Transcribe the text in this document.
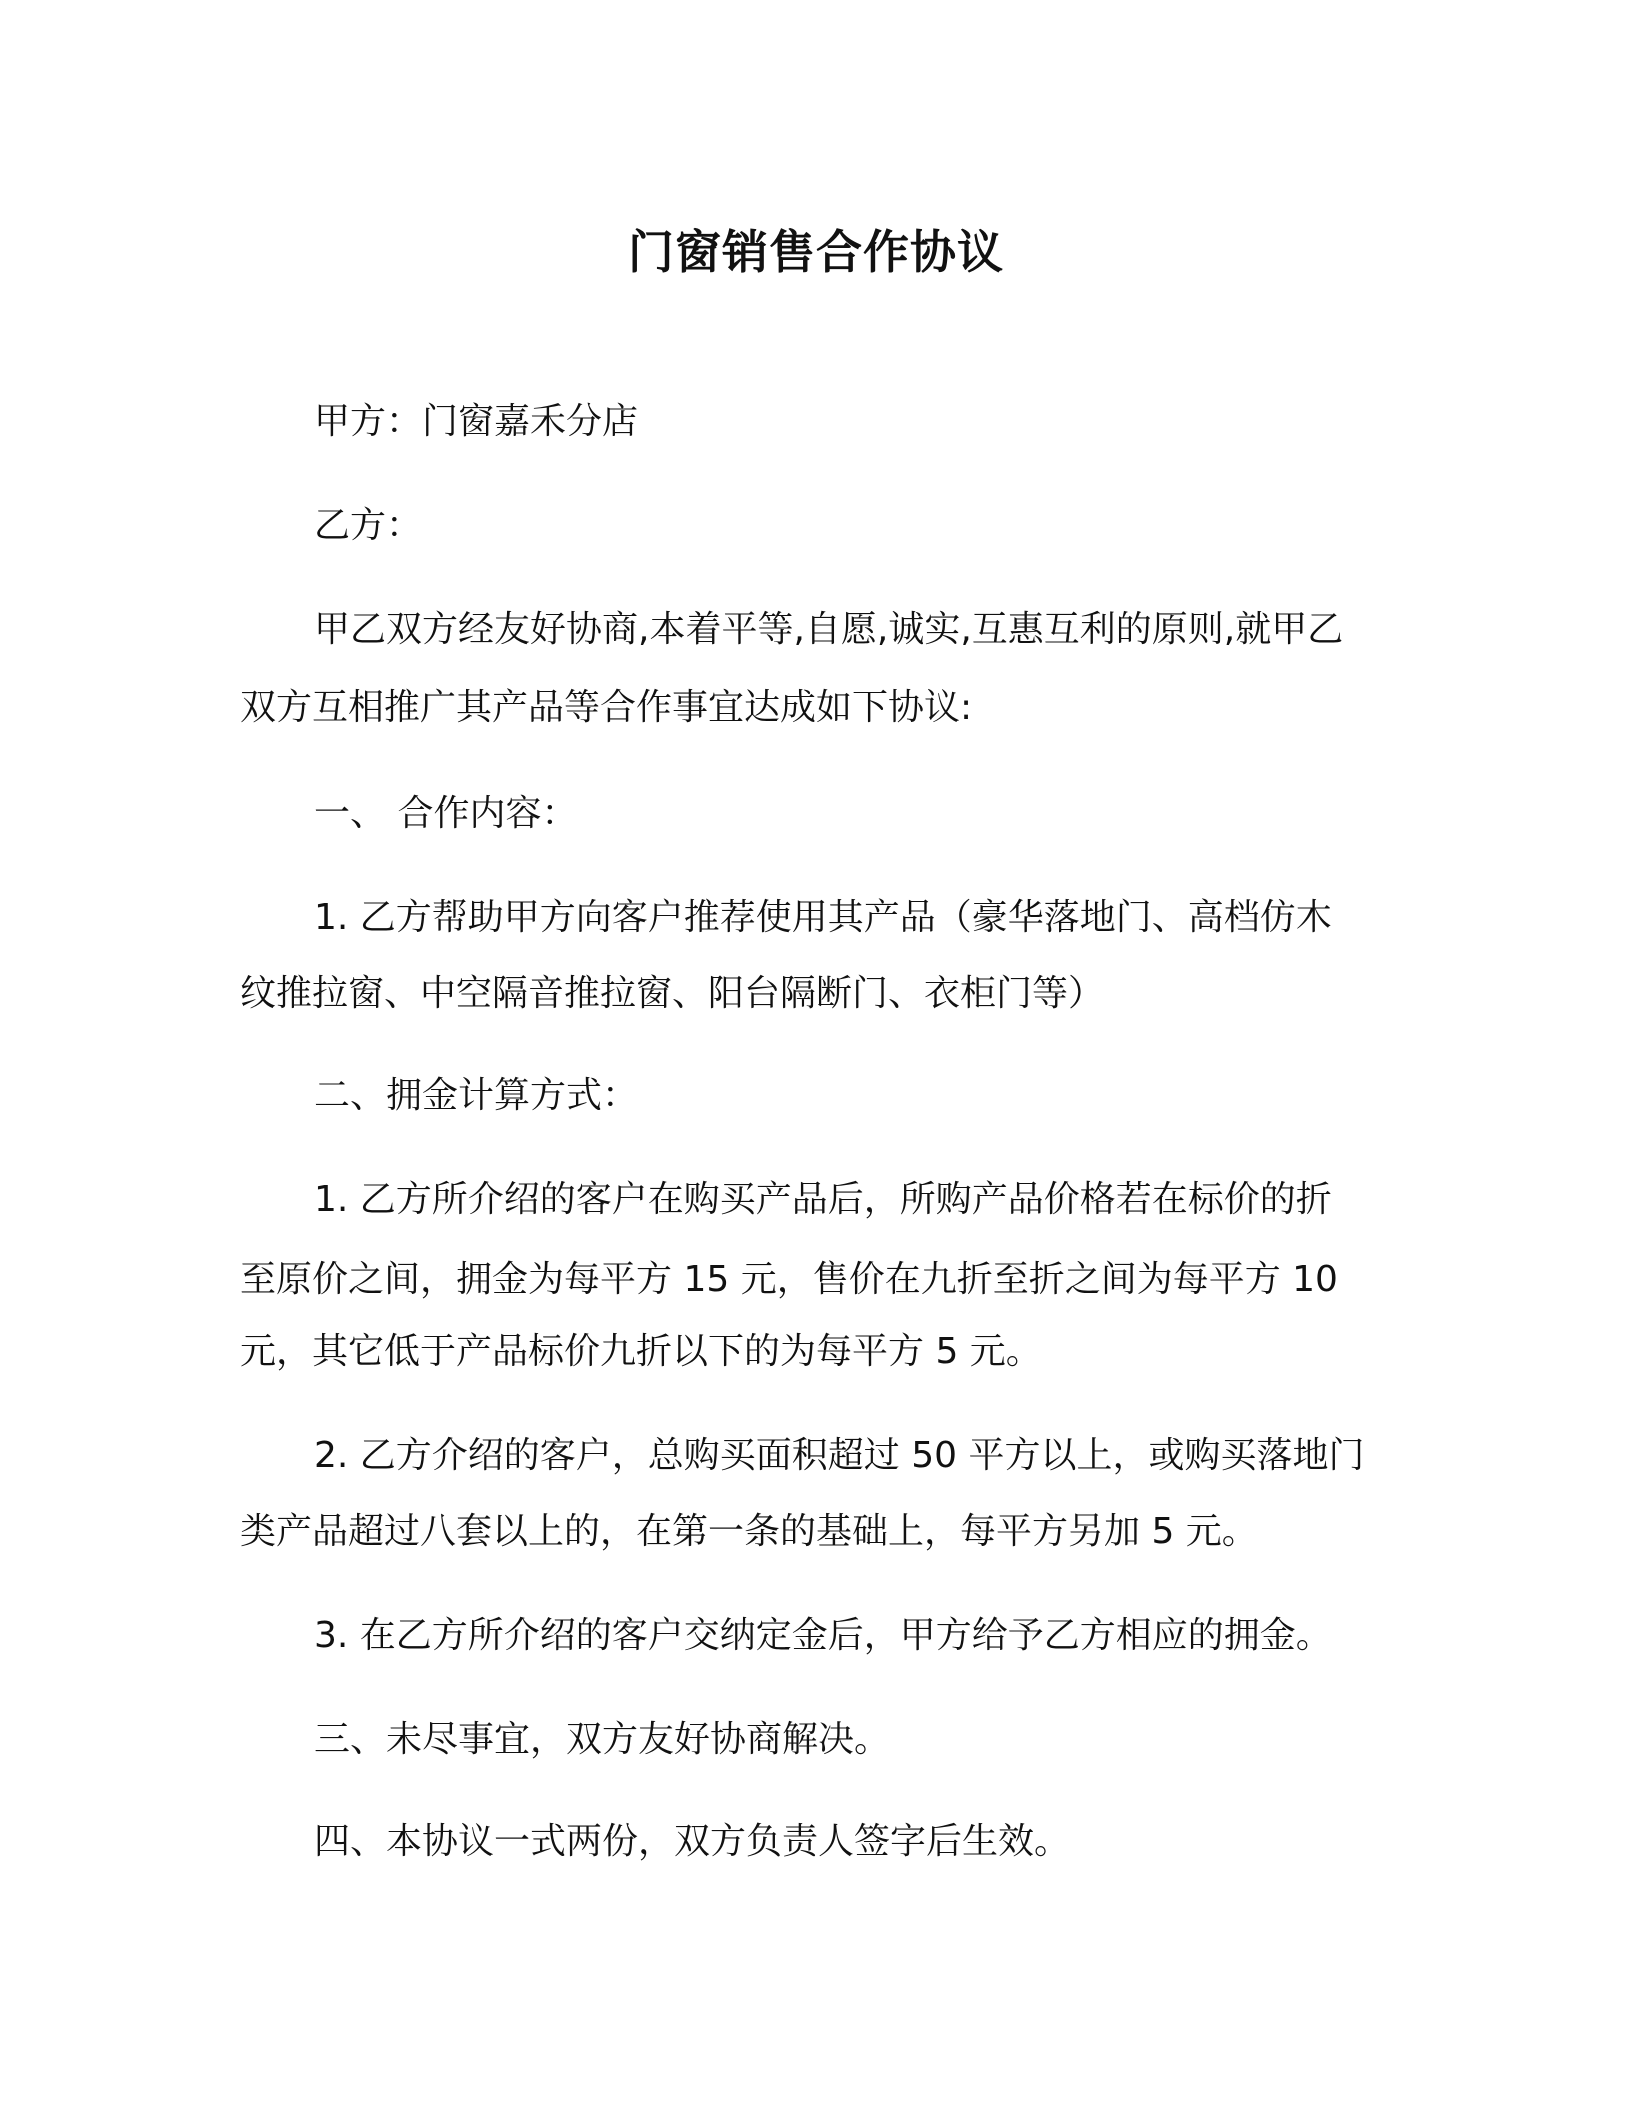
门窗销售合作协议
甲方：门窗嘉禾分店
乙方：
甲乙双方经友好协商,本着平等,自愿,诚实,互惠互利的原则,就甲乙
双方互相推广其产品等合作事宜达成如下协议:
一、 合作内容：
1. 乙方帮助甲方向客户推荐使用其产品（豪华落地门、高档仿木
纹推拉窗、中空隔音推拉窗、阳台隔断门、衣柜门等）
二、拥金计算方式：
1. 乙方所介绍的客户在购买产品后，所购产品价格若在标价的折
至原价之间，拥金为每平方 15 元，售价在九折至折之间为每平方 10
元，其它低于产品标价九折以下的为每平方 5 元。
2. 乙方介绍的客户，总购买面积超过 50 平方以上，或购买落地门
类产品超过八套以上的，在第一条的基础上，每平方另加 5 元。
3. 在乙方所介绍的客户交纳定金后，甲方给予乙方相应的拥金。
三、未尽事宜，双方友好协商解决。
四、本协议一式两份，双方负责人签字后生效。
